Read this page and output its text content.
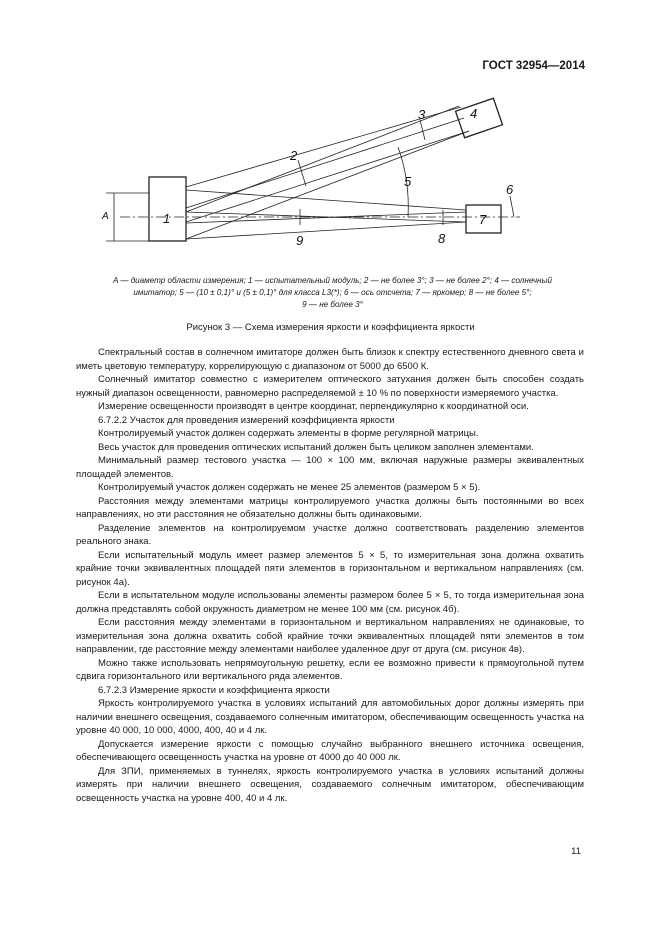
ГОСТ 32954—2014
1
2
3	4
5
6
7
8
9
A
A — диаметр области измерения; 1 — испытательный модуль; 2 — не более 3°; 3 — не более 2°; 4 — солнечный
имитатор; 5 — (10 ± 0,1)° и (5 ± 0,1)° для класса L3(*); 6 — ось отсчета; 7 — яркомер; 8 — не более 5°;
9 — не более 3°
Рисунок 3 — Схема измерения яркости и коэффициента яркости

Спектральный состав в солнечном имитаторе должен быть близок к спектру естественного дневного света и иметь цветовую температуру, коррелирующую с диапазоном от 5000 до 6500 К.

Солнечный имитатор совместно с измерителем оптического затухания должен быть способен создать нужный диапазон освещенности, равномерно распределяемой ± 10 % по поверхности измеряемого участка.

Измерение освещенности производят в центре координат, перпендикулярно к координатной оси.

6.7.2.2 Участок для проведения измерений коэффициента яркости

Контролируемый участок должен содержать элементы в форме регулярной матрицы.

Весь участок для проведения оптических испытаний должен быть целиком заполнен элементами.

Минимальный размер тестового участка — 100 × 100 мм, включая наружные размеры эквивалентных площадей элементов.

Контролируемый участок должен содержать не менее 25 элементов (размером 5 × 5).

Расстояния между элементами матрицы контролируемого участка должны быть постоянными во всех направлениях, но эти расстояния не обязательно должны быть одинаковыми.

Разделение элементов на контролируемом участке должно соответствовать разделению элементов реального знака.

Если испытательный модуль имеет размер элементов 5 × 5, то измерительная зона должна охватить крайние точки эквивалентных площадей пяти элементов в горизонтальном и вертикальном направлениях (см. рисунок 4а).

Если в испытательном модуле использованы элементы размером более 5 × 5, то тогда измерительная зона должна представлять собой окружность диаметром не менее 100 мм (см. рисунок 4б).

Если расстояния между элементами в горизонтальном и вертикальном направлениях не одинаковые, то измерительная зона должна охватить собой крайние точки эквивалентных площадей пяти элементов в том направлении, где расстояние между элементами наиболее удаленное друг от друга (см. рисунок 4в).

Можно также использовать непрямоугольную решетку, если ее возможно привести к прямоугольной путем сдвига горизонтального или вертикального ряда элементов.

6.7.2.3 Измерение яркости и коэффициента яркости

Яркость контролируемого участка в условиях испытаний для автомобильных дорог должны измерять при наличии внешнего освещения, создаваемого солнечным имитатором, обеспечивающим освещенность участка на уровне 40 000, 10 000, 4000, 400, 40 и 4 лк.

Допускается измерение яркости с помощью случайно выбранного внешнего источника освещения, обеспечивающего освещенность участка на уровне от 4000 до 40 000 лк.

Для ЗПИ, применяемых в туннелях, яркость контролируемого участка в условиях испытаний должны измерять при наличии внешнего освещения, создаваемого солнечным имитатором, обеспечивающим освещенность участка на уровне 400, 40 и 4 лк.

11
